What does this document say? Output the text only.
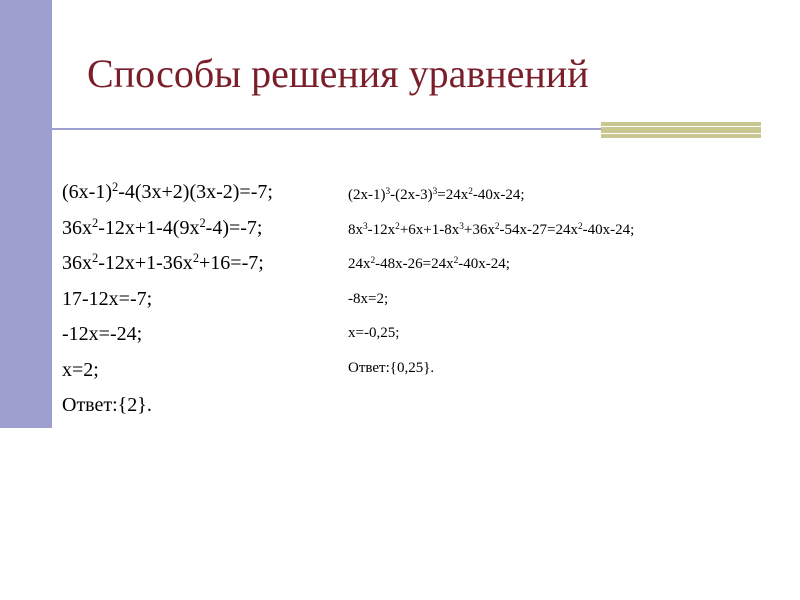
Способы решения уравнений
$(6х-1)^2-4(3х+2)(3х-2)=-7$;
$36х^2-12х+1-4(9х^2-4)=-7$;
$36х^2-12х+1-36х^2+16=-7$;
17-12х=-7;
-12х=-24;
х=2;
Ответ:{2}.
$(2х-1)^3-(2х-3)^3=24х^2-40х-24$;
$8х^3-12х^2+6х+1-8х^3+36х^2-54х-27=24х^2-40х-24$;
$24х^2-48х-26=24х^2-40х-24$;
-8х=2;
х=-0,25;
Ответ:{0,25}.
